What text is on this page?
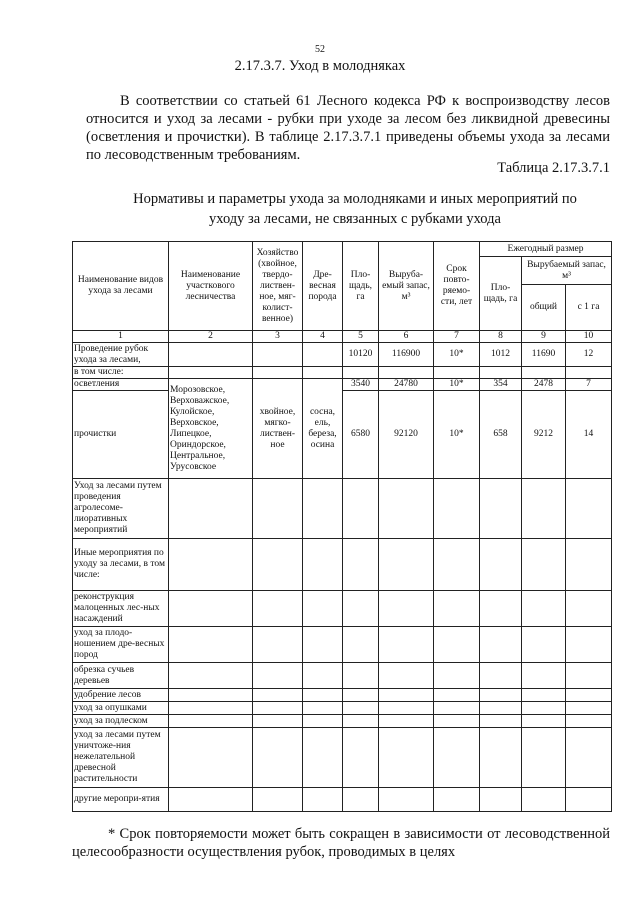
52
2.17.3.7. Уход в молодняках

В соответствии со статьей 61 Лесного кодекса РФ к воспроизводству лесов относится и уход за лесами - рубки при уходе за лесом без ликвидной древесины (осветления и прочистки). В таблице 2.17.3.7.1 приведены объемы ухода за лесами по лесоводственным требованиям.

Таблица 2.17.3.7.1

Нормативы и параметры ухода за молодняками и иных мероприятий по уходу за лесами, не связанных с рубками ухода

Наименование видов ухода за лесами	Наименование участкового лесничества	Хозяйство (хвойное, твердо-листвен-ное, мяг-колист-венное)	Дре-весная порода	Пло-щадь, га	Вырубa-емый запас, м³	Срок повто-ряемо-сти, лет	Ежегодный размер		
							Пло-щадь, га	Вырубаемый запас, м³	
								общий	с 1 га
1	2	3	4	5	6	7	8	9	10
Проведение рубок ухода за лесами,				10120	116900	10*	1012	11690	12
в том числе:									
осветления	Морозовское, Верховажское, Кулойское, Верховское, Липецкое, Ориндорское, Центральное, Урусовское	хвойное, мягко-листвен-ное	сосна, ель, береза, осина	3540	24780	10*	354	2478	7
прочистки				6580	92120	10*	658	9212	14
Уход за лесами путем проведения агролесоме-лиоративных мероприятий									
Иные мероприятия по уходу за лесами, в том числе:									
реконструкция малоценных лес-ных насаждений									
уход за плодо-ношением дре-весных пород									
обрезка сучьев деревьев									
удобрение лесов									
уход за опушками									
уход за подлеском									
уход за лесами путем уничтоже-ния нежелательной древесной растительности									
другие меропри-ятия									

* Срок повторяемости может быть сокращен в зависимости от лесоводственной целесообразности осуществления рубок, проводимых в целях
